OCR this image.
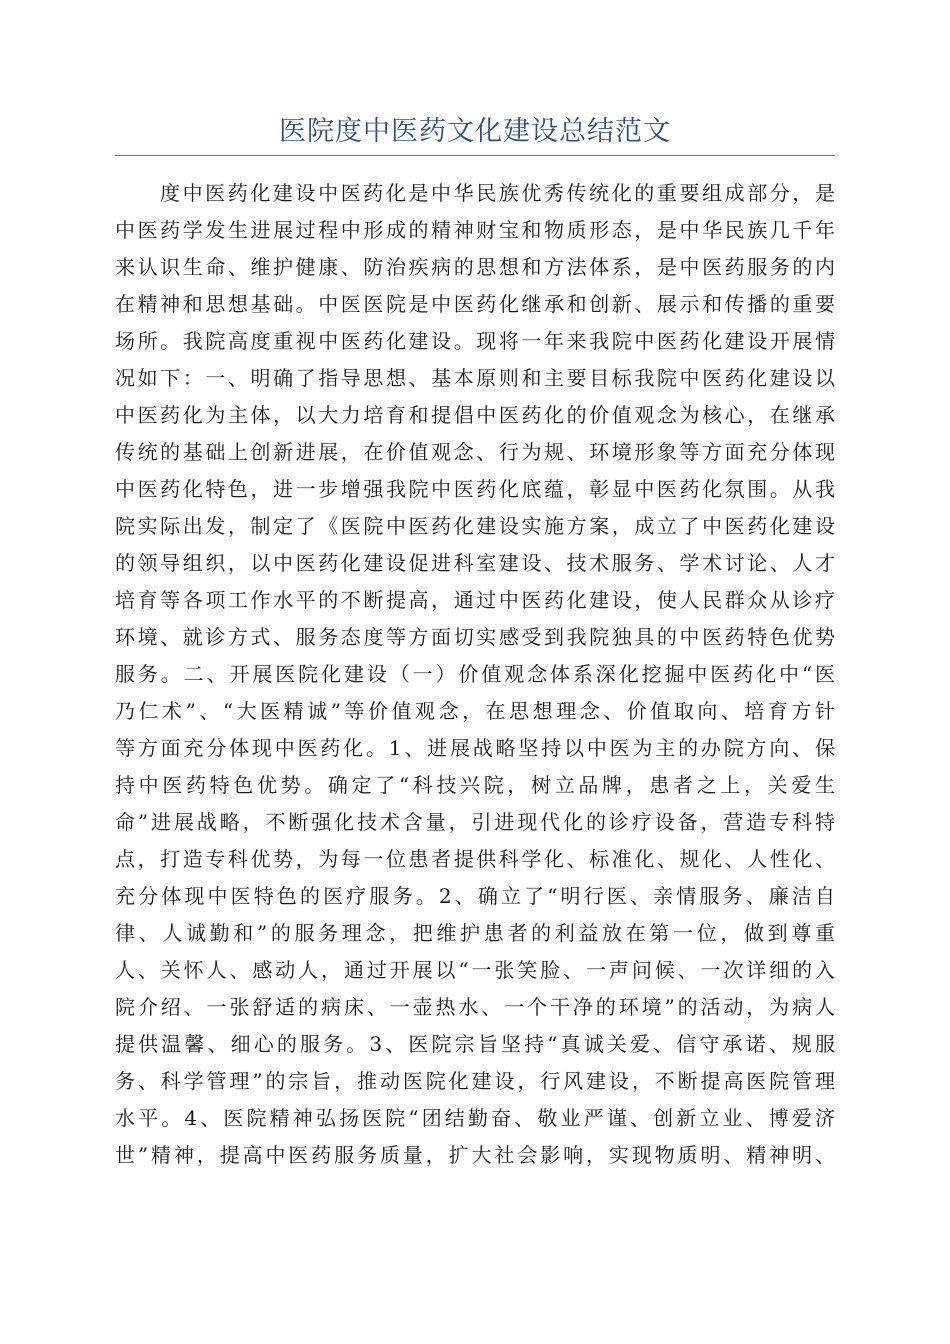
医院度中医药文化建设总结范文
度中医药化建设中医药化是中华民族优秀传统化的重要组成部分，是
中医药学发生进展过程中形成的精神财宝和物质形态，是中华民族几千年
来认识生命、维护健康、防治疾病的思想和方法体系，是中医药服务的内
在精神和思想基础。中医医院是中医药化继承和创新、展示和传播的重要
场所。我院高度重视中医药化建设。现将一年来我院中医药化建设开展情
况如下：一、明确了指导思想、基本原则和主要目标我院中医药化建设以
中医药化为主体，以大力培育和提倡中医药化的价值观念为核心，在继承
传统的基础上创新进展，在价值观念、行为规、环境形象等方面充分体现
中医药化特色，进一步增强我院中医药化底蕴，彰显中医药化氛围。从我
院实际出发，制定了《医院中医药化建设实施方案，成立了中医药化建设
的领导组织，以中医药化建设促进科室建设、技术服务、学术讨论、人才
培育等各项工作水平的不断提高，通过中医药化建设，使人民群众从诊疗
环境、就诊方式、服务态度等方面切实感受到我院独具的中医药特色优势
服务。二、开展医院化建设（一）价值观念体系深化挖掘中医药化中“医
乃仁术”、“大医精诚”等价值观念，在思想理念、价值取向、培育方针
等方面充分体现中医药化。1、进展战略坚持以中医为主的办院方向、保
持中医药特色优势。确定了“科技兴院，树立品牌，患者之上，关爱生
命”进展战略，不断强化技术含量，引进现代化的诊疗设备，营造专科特
点，打造专科优势，为每一位患者提供科学化、标准化、规化、人性化、
充分体现中医特色的医疗服务。2、确立了“明行医、亲情服务、廉洁自
律、人诚勤和”的服务理念，把维护患者的利益放在第一位，做到尊重
人、关怀人、感动人，通过开展以“一张笑脸、一声问候、一次详细的入
院介绍、一张舒适的病床、一壶热水、一个干净的环境”的活动，为病人
提供温馨、细心的服务。3、医院宗旨坚持“真诚关爱、信守承诺、规服
务、科学管理”的宗旨，推动医院化建设，行风建设，不断提高医院管理
水平。4、医院精神弘扬医院“团结勤奋、敬业严谨、创新立业、博爱济
世”精神，提高中医药服务质量，扩大社会影响，实现物质明、精神明、
